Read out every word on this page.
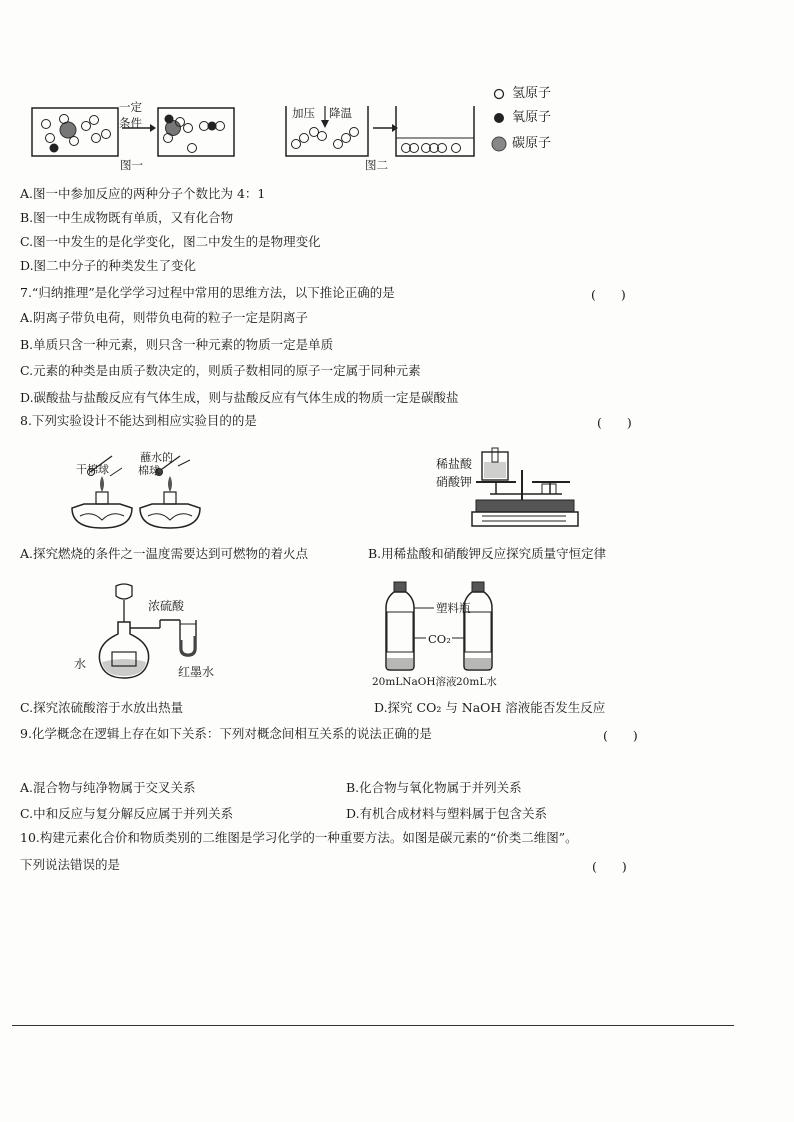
一定
条件
图一
加压 降温
图二
氢原子
氧原子
碳原子
A.图一中参加反应的两种分子个数比为 4：1
B.图一中生成物既有单质，又有化合物
C.图一中发生的是化学变化，图二中发生的是物理变化
D.图二中分子的种类发生了变化
7.“归纳推理”是化学学习过程中常用的思维方法，以下推论正确的是	(　　)
A.阴离子带负电荷，则带负电荷的粒子一定是阴离子
B.单质只含一种元素，则只含一种元素的物质一定是单质
C.元素的种类是由质子数决定的，则质子数相同的原子一定属于同种元素
D.碳酸盐与盐酸反应有气体生成，则与盐酸反应有气体生成的物质一定是碳酸盐
8.下列实验设计不能达到相应实验目的的是	(　　)
干棉球
蘸水的
棉球	稀盐酸
硝酸钾
A.探究燃烧的条件之一温度需要达到可燃物的着火点	B.用稀盐酸和硝酸钾反应探究质量守恒定律
浓硫酸
水
红墨水
塑料瓶
CO₂
20mLNaOH溶液 20mL水
C.探究浓硫酸溶于水放出热量	D.探究 CO₂ 与 NaOH 溶液能否发生反应
9.化学概念在逻辑上存在如下关系：下列对概念间相互关系的说法正确的是	(　　)
A.混合物与纯净物属于交叉关系	B.化合物与氧化物属于并列关系
C.中和反应与复分解反应属于并列关系	D.有机合成材料与塑料属于包含关系
10.构建元素化合价和物质类别的二维图是学习化学的一种重要方法。如图是碳元素的“价类二维图”。
下列说法错误的是	(　　)
